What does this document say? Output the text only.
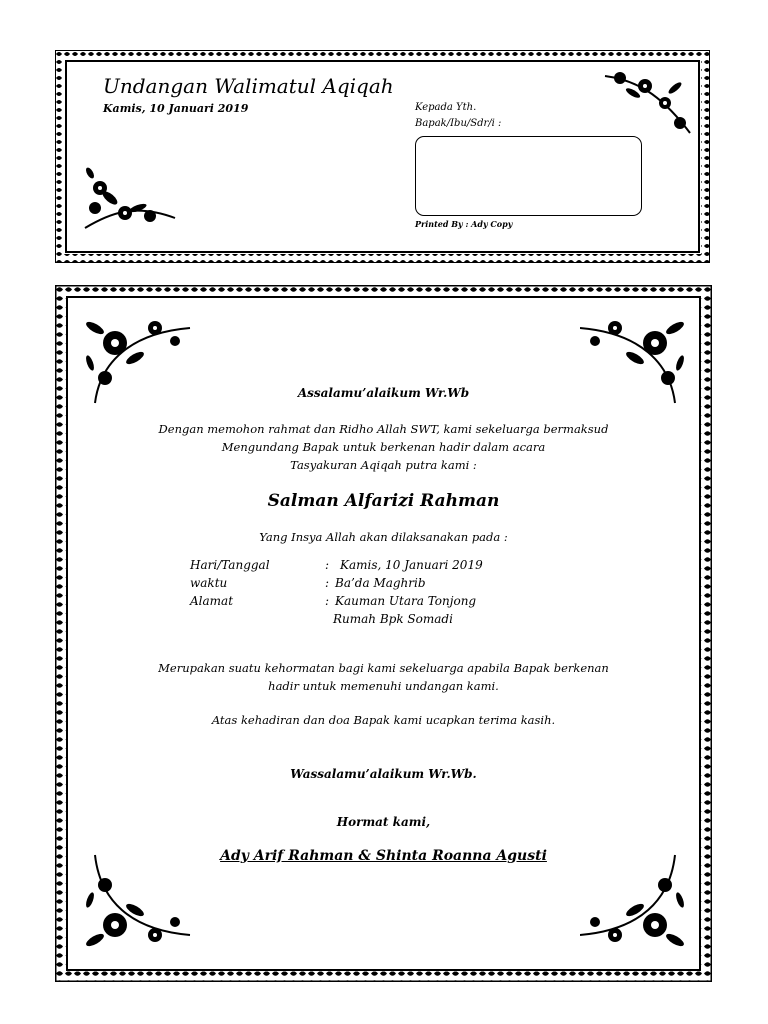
Undangan Walimatul Aqiqah
Kamis, 10 Januari 2019	Kepada Yth.
Bapak/Ibu/Sdr/i :
Printed By : Ady Copy
Assalamu’alaikum Wr.Wb
Dengan memohon rahmat dan Ridho Allah SWT, kami sekeluarga bermaksud
Mengundang Bapak untuk berkenan hadir dalam acara
Tasyakuran Aqiqah putra kami :
Salman Alfarizi Rahman
Yang Insya Allah akan dilaksanakan pada :
Hari/Tanggal	: Kamis, 10 Januari 2019
waktu	: Ba’da Maghrib
Alamat	: Kauman Utara Tonjong
Rumah Bpk Somadi
Merupakan suatu kehormatan bagi kami sekeluarga apabila Bapak berkenan
hadir untuk memenuhi undangan kami.
Atas kehadiran dan doa Bapak kami ucapkan terima kasih.
Wassalamu’alaikum Wr.Wb.
Hormat kami,
Ady Arif Rahman & Shinta Roanna Agusti
